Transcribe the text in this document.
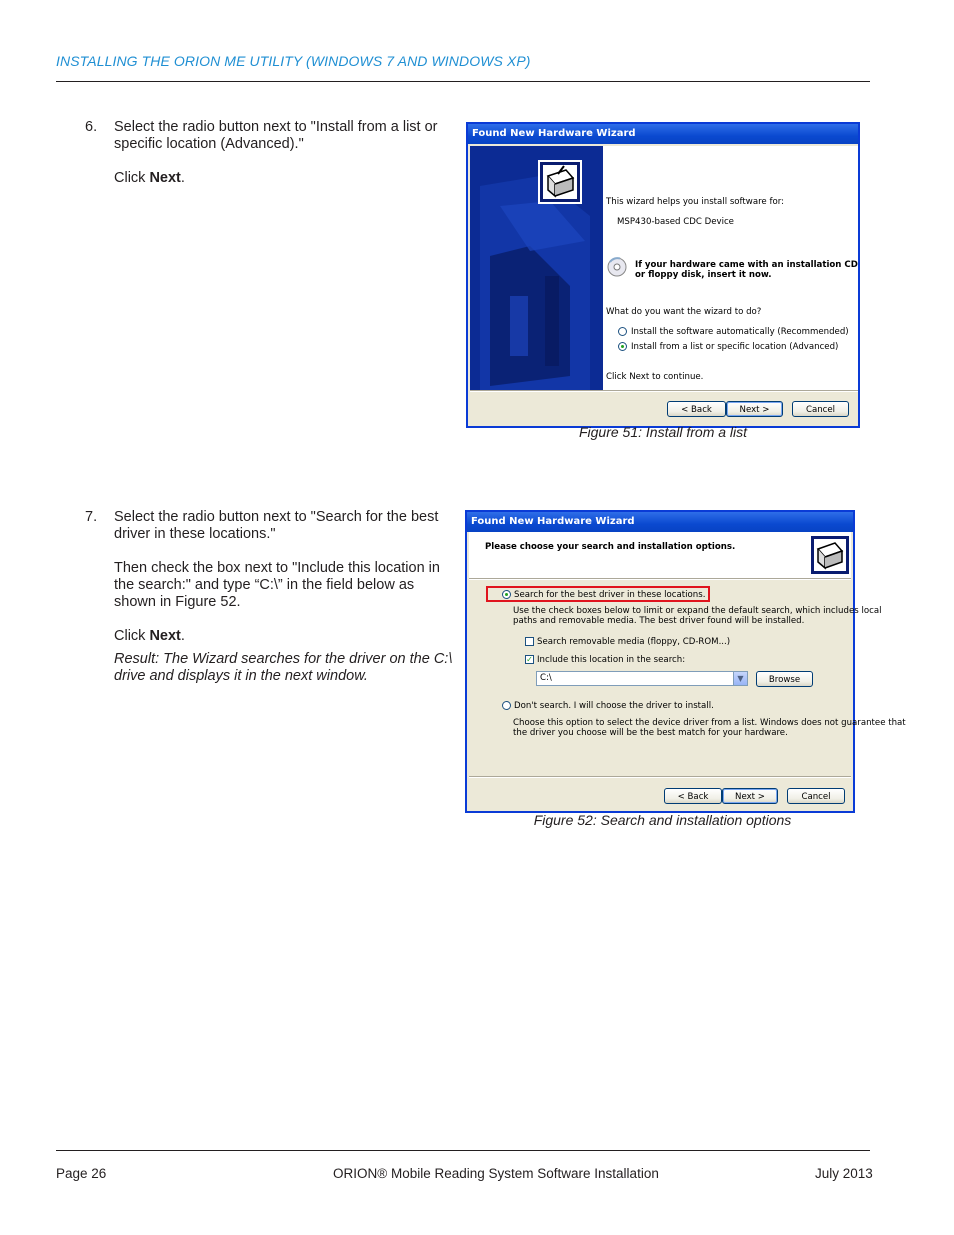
INSTALLING THE ORION ME UTILITY (WINDOWS 7 AND WINDOWS XP)
6. Select the radio button next to "Install from a list or specific location (Advanced)."

Click Next.

Found New Hardware Wizard
This wizard helps you install software for:
MSP430-based CDC Device
If your hardware came with an installation CD
or floppy disk, insert it now.
What do you want the wizard to do?
Install the software automatically (Recommended)
Install from a list or specific location (Advanced)
Click Next to continue.
< Back	Next >	Cancel
Figure 51: Install from a list
7. Select the radio button next to "Search for the best driver in these locations."

Then check the box next to "Include this location in the search:" and type “C:\” in the field below as shown in Figure 52.

Click Next.

Result: The Wizard searches for the driver on the C:\ drive and displays it in the next window.

Found New Hardware Wizard
Please choose your search and installation options.
Search for the best driver in these locations.
Use the check boxes below to limit or expand the default search, which includes local
paths and removable media. The best driver found will be installed.
Search removable media (floppy, CD-ROM...)
✓ Include this location in the search:
C:\	▼	Browse
Don't search. I will choose the driver to install.
Choose this option to select the device driver from a list. Windows does not guarantee that
the driver you choose will be the best match for your hardware.
< Back	Next >	Cancel
Figure 52: Search and installation options
Page 26	ORION® Mobile Reading System Software Installation	July 2013
